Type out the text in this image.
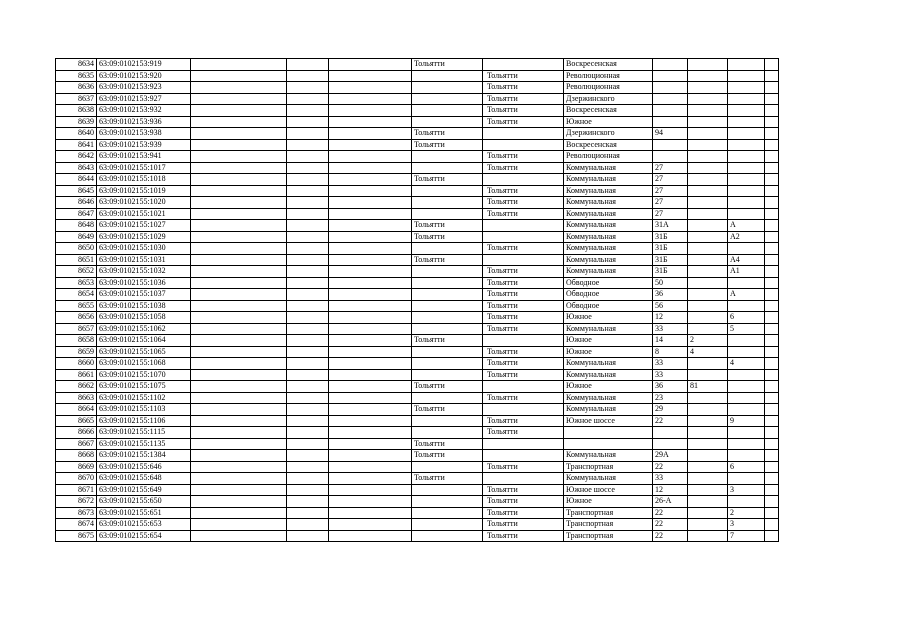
8634	63:09:0102153:919				Тольятти		Воскресенская				
8635	63:09:0102153:920					Тольятти	Революционная				
8636	63:09:0102153:923					Тольятти	Революционная				
8637	63:09:0102153:927					Тольятти	Дзержинского				
8638	63:09:0102153:932					Тольятти	Воскресенская				
8639	63:09:0102153:936					Тольятти	Южное				
8640	63:09:0102153:938				Тольятти		Дзержинского	94			
8641	63:09:0102153:939				Тольятти		Воскресенская				
8642	63:09:0102153:941					Тольятти	Революционная				
8643	63:09:0102155:1017					Тольятти	Коммунальная	27			
8644	63:09:0102155:1018				Тольятти		Коммунальная	27			
8645	63:09:0102155:1019					Тольятти	Коммунальная	27			
8646	63:09:0102155:1020					Тольятти	Коммунальная	27			
8647	63:09:0102155:1021					Тольятти	Коммунальная	27			
8648	63:09:0102155:1027				Тольятти		Коммунальная	31А		А	
8649	63:09:0102155:1029				Тольятти		Коммунальная	31Б		А2	
8650	63:09:0102155:1030					Тольятти	Коммунальная	31Б			
8651	63:09:0102155:1031				Тольятти		Коммунальная	31Б		А4	
8652	63:09:0102155:1032					Тольятти	Коммунальная	31Б		А1	
8653	63:09:0102155:1036					Тольятти	Обводное	50			
8654	63:09:0102155:1037					Тольятти	Обводное	36		А	
8655	63:09:0102155:1038					Тольятти	Обводное	56			
8656	63:09:0102155:1058					Тольятти	Южное	12		6	
8657	63:09:0102155:1062					Тольятти	Коммунальная	33		5	
8658	63:09:0102155:1064				Тольятти		Южное	14	2		
8659	63:09:0102155:1065					Тольятти	Южное	8	4		
8660	63:09:0102155:1068					Тольятти	Коммунальная	33		4	
8661	63:09:0102155:1070					Тольятти	Коммунальная	33			
8662	63:09:0102155:1075				Тольятти		Южное	36	81		
8663	63:09:0102155:1102					Тольятти	Коммунальная	23			
8664	63:09:0102155:1103				Тольятти		Коммунальная	29			
8665	63:09:0102155:1106					Тольятти	Южное шоссе	22		9	
8666	63:09:0102155:1115					Тольятти					
8667	63:09:0102155:1135				Тольятти						
8668	63:09:0102155:1384				Тольятти		Коммунальная	29А			
8669	63:09:0102155:646					Тольятти	Транспортная	22		6	
8670	63:09:0102155:648				Тольятти		Коммунальная	33			
8671	63:09:0102155:649					Тольятти	Южное шоссе	12		3	
8672	63:09:0102155:650					Тольятти	Южное	26-А			
8673	63:09:0102155:651					Тольятти	Транспортная	22		2	
8674	63:09:0102155:653					Тольятти	Транспортная	22		3	
8675	63:09:0102155:654					Тольятти	Транспортная	22		7	
